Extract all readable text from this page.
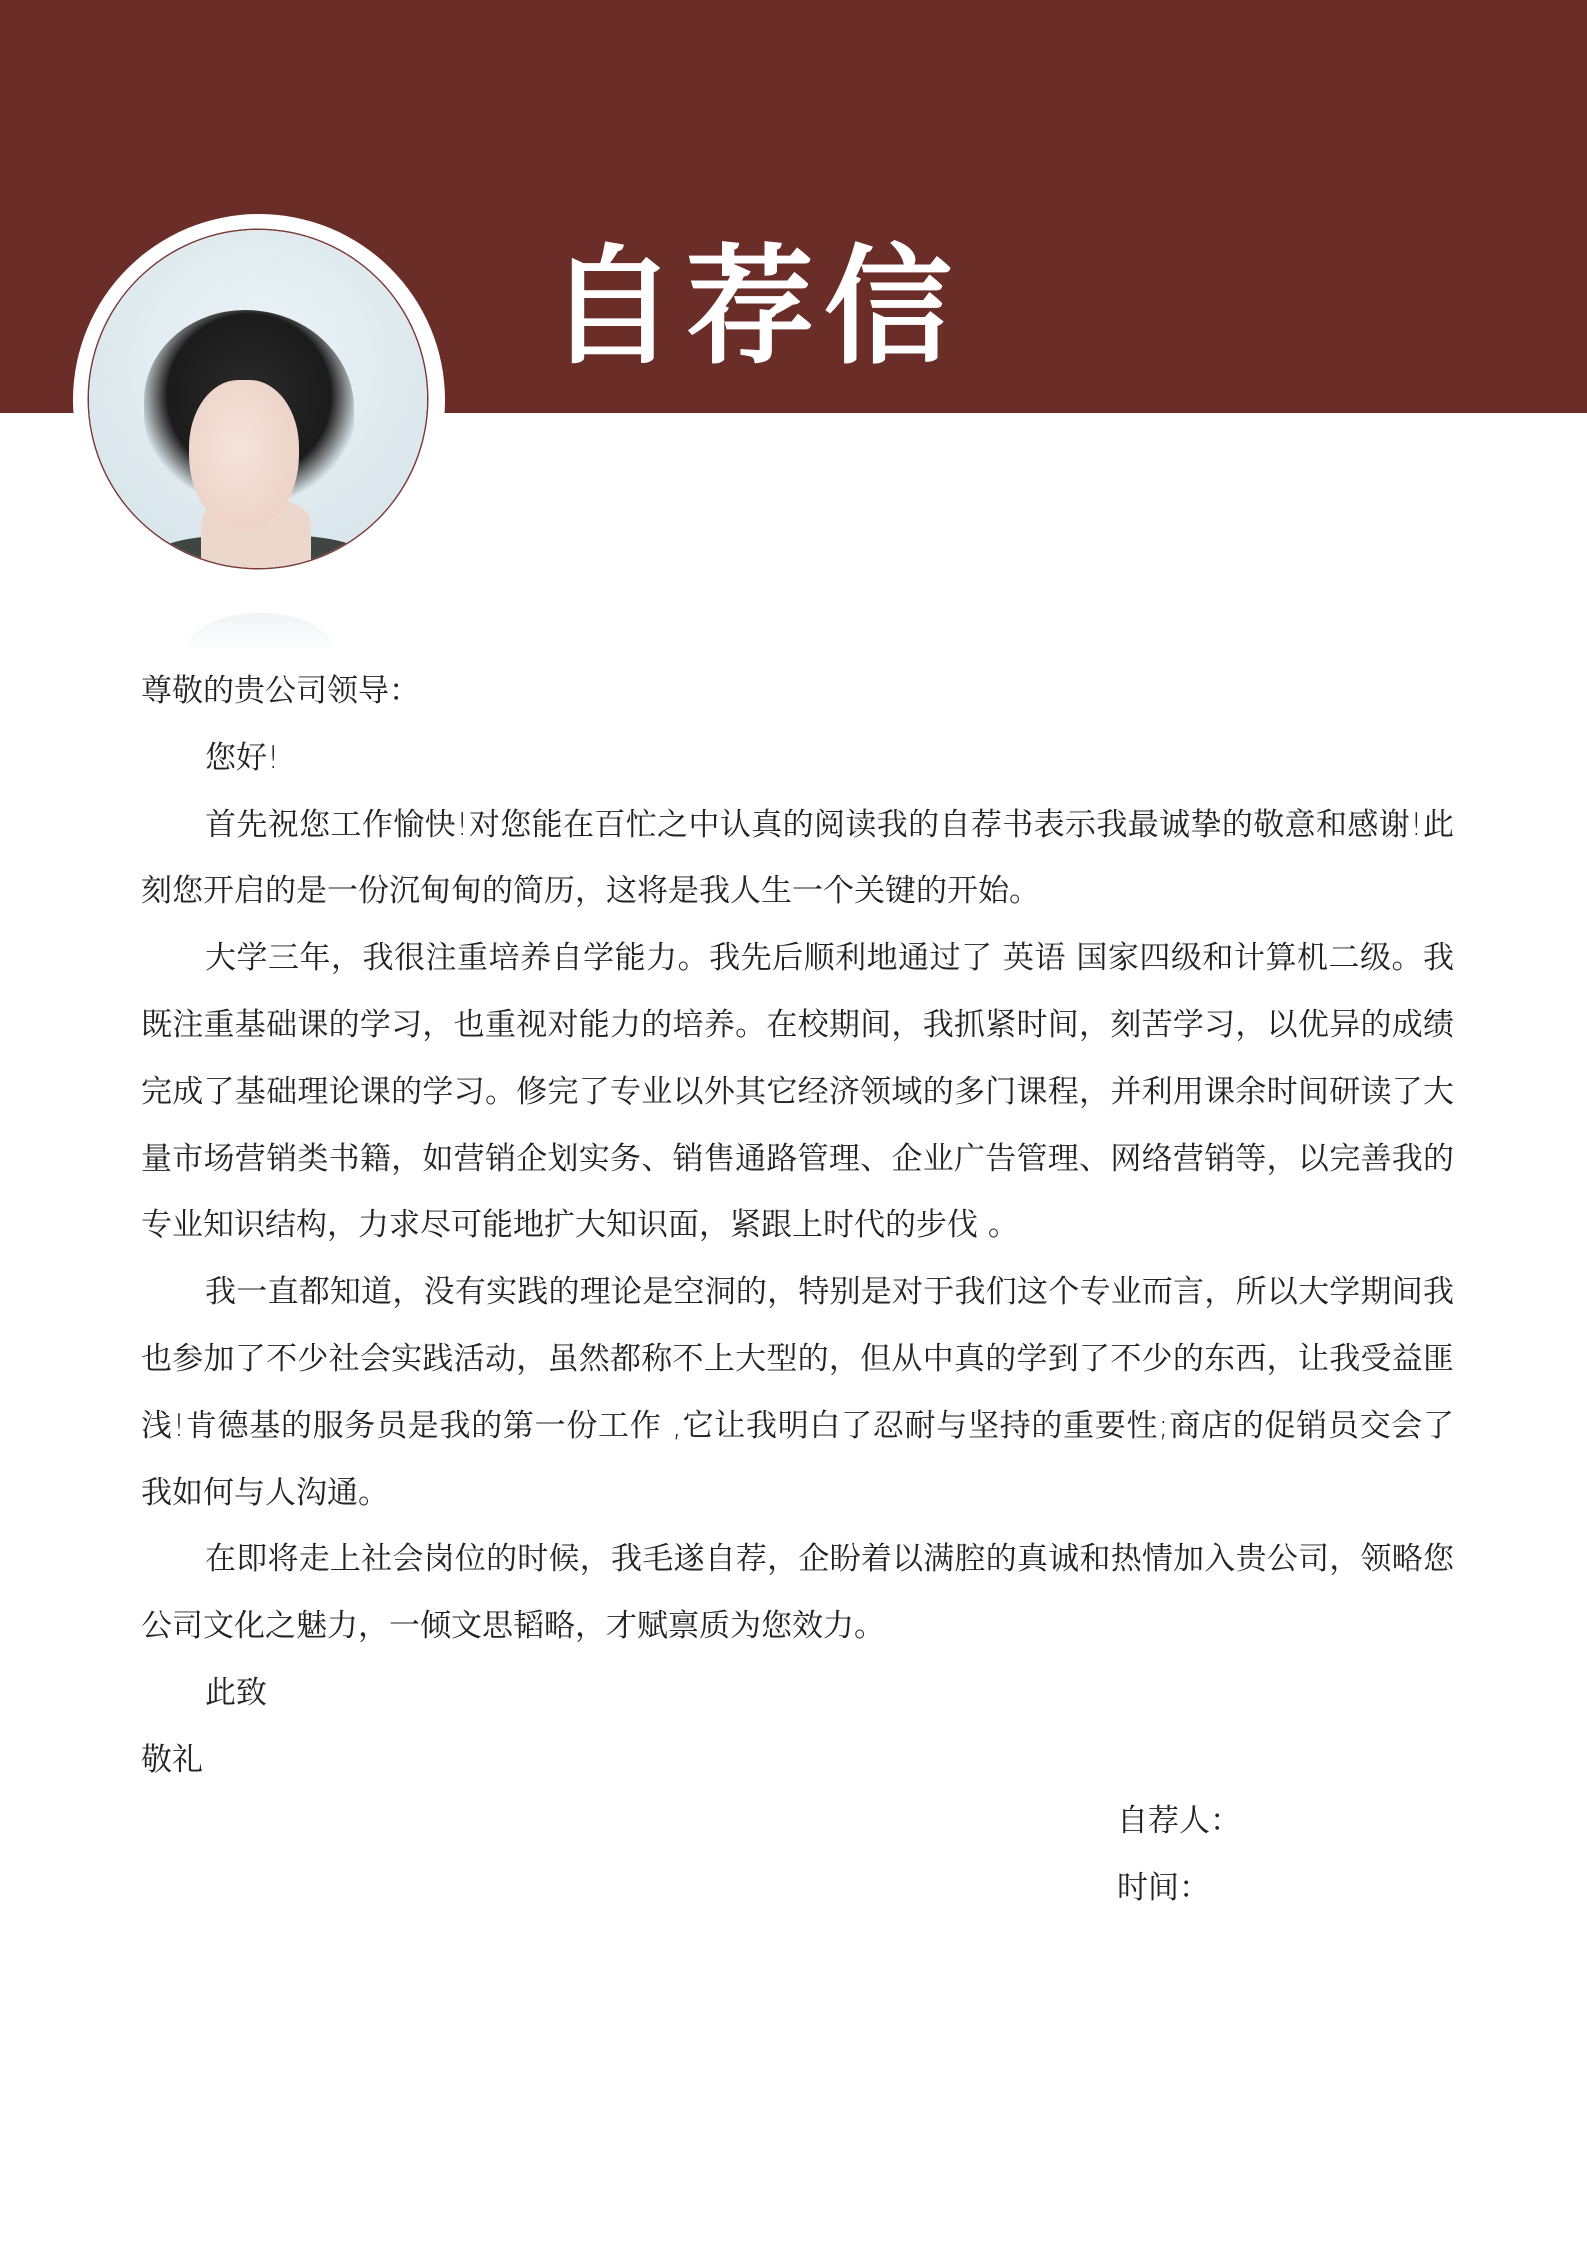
自荐信

尊敬的贵公司领导：

您好!

首先祝您工作愉快!对您能在百忙之中认真的阅读我的自荐书表示我最诚挚的敬意和感谢!此刻您开启的是一份沉甸甸的简历，这将是我人生一个关键的开始。

大学三年，我很注重培养自学能力。我先后顺利地通过了 英语 国家四级和计算机二级。我既注重基础课的学习，也重视对能力的培养。在校期间，我抓紧时间，刻苦学习，以优异的成绩完成了基础理论课的学习。修完了专业以外其它经济领域的多门课程，并利用课余时间研读了大量市场营销类书籍，如营销企划实务、销售通路管理、企业广告管理、网络营销等，以完善我的专业知识结构，力求尽可能地扩大知识面，紧跟上时代的步伐 。

我一直都知道，没有实践的理论是空洞的，特别是对于我们这个专业而言，所以大学期间我也参加了不少社会实践活动，虽然都称不上大型的，但从中真的学到了不少的东西，让我受益匪浅!肯德基的服务员是我的第一份工作 ,它让我明白了忍耐与坚持的重要性;商店的促销员交会了我如何与人沟通。

在即将走上社会岗位的时候，我毛遂自荐，企盼着以满腔的真诚和热情加入贵公司，领略您公司文化之魅力，一倾文思韬略，才赋禀质为您效力。

此致

敬礼

自荐人：
时间：
